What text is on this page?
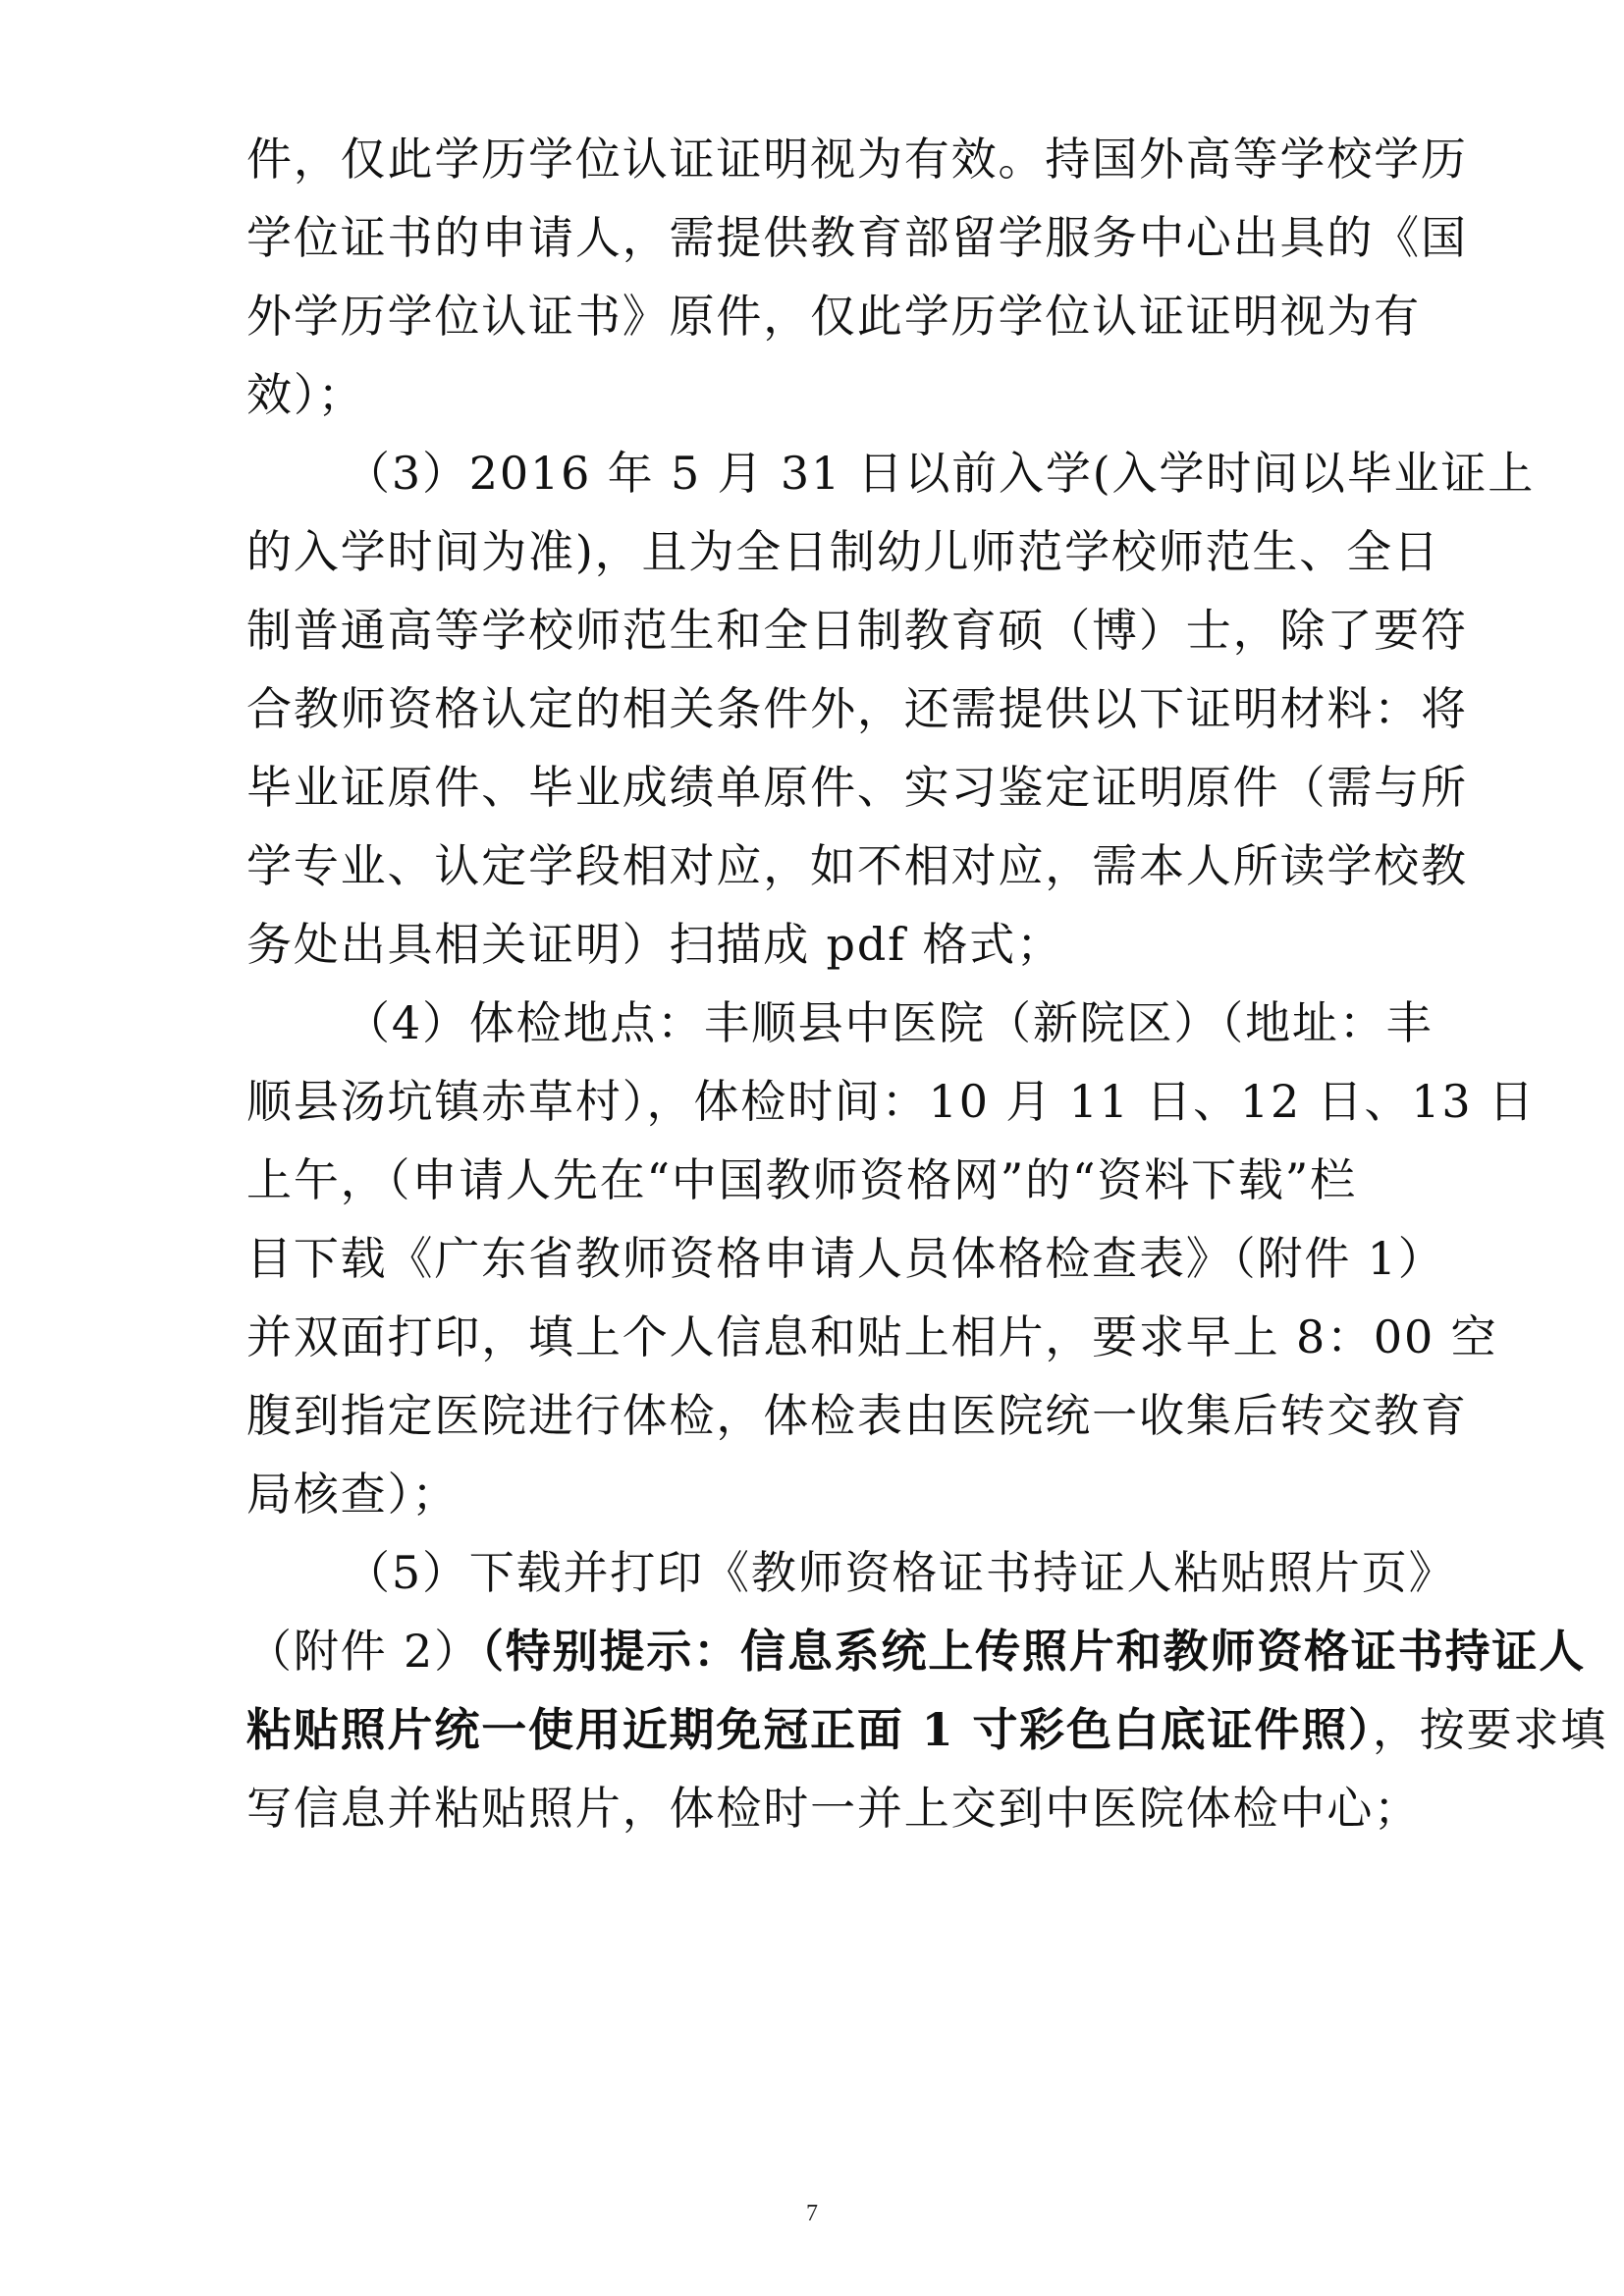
件，仅此学历学位认证证明视为有效。持国外高等学校学历
学位证书的申请人，需提供教育部留学服务中心出具的《国
外学历学位认证书》原件，仅此学历学位认证证明视为有
效）；
（3）2016 年 5 月 31 日以前入学(入学时间以毕业证上
的入学时间为准)，且为全日制幼儿师范学校师范生、全日
制普通高等学校师范生和全日制教育硕（博）士，除了要符
合教师资格认定的相关条件外，还需提供以下证明材料：将
毕业证原件、毕业成绩单原件、实习鉴定证明原件（需与所
学专业、认定学段相对应，如不相对应，需本人所读学校教
务处出具相关证明）扫描成 pdf 格式；
（4）体检地点：丰顺县中医院（新院区）（地址：丰
顺县汤坑镇赤草村），体检时间：10 月 11 日、12 日、13 日
上午，（申请人先在“中国教师资格网”的“资料下载”栏
目下载《广东省教师资格申请人员体格检查表》（附件 1）
并双面打印，填上个人信息和贴上相片，要求早上 8：00 空
腹到指定医院进行体检，体检表由医院统一收集后转交教育
局核查）；
（5）下载并打印《教师资格证书持证人粘贴照片页》
（附件 2）（特别提示：信息系统上传照片和教师资格证书持证人
粘贴照片统一使用近期免冠正面 1 寸彩色白底证件照），按要求填
写信息并粘贴照片，体检时一并上交到中医院体检中心；
7
